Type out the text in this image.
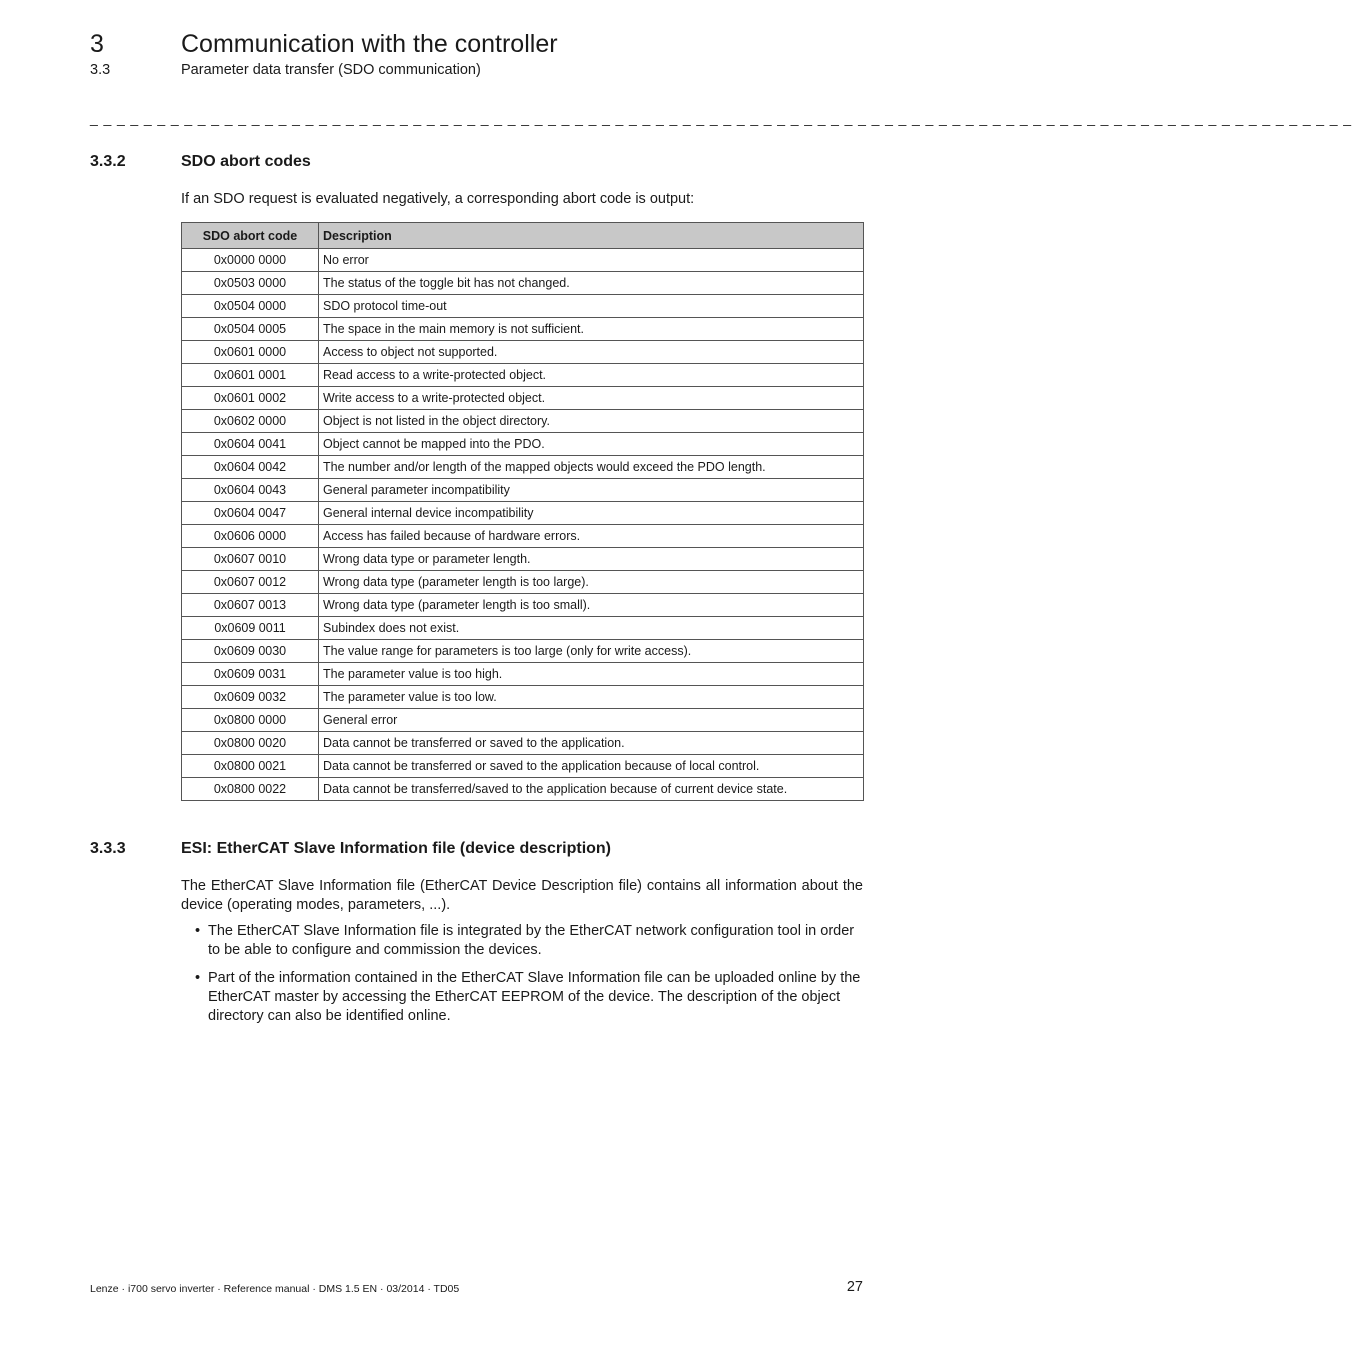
3	Communication with the controller
3.3	Parameter data transfer (SDO communication)
_ _ _ _ _ _ _ _ _ _ _ _ _ _ _ _ _ _ _ _ _ _ _ _ _ _ _ _ _ _ _ _ _ _ _ _ _ _ _ _ _ _ _ _ _ _ _ _ _ _ _ _ _ _ _ _ _ _ _ _ _ _ _ _ _ _ _ _ _ _ _ _ _ _ _ _ _ _ _ _ _ _ _ _ _ _ _ _ _ _ _ _ _ _
3.3.2	SDO abort codes
If an SDO request is evaluated negatively, a corresponding abort code is output:
SDO abort code	Description
0x0000 0000	No error
0x0503 0000	The status of the toggle bit has not changed.
0x0504 0000	SDO protocol time-out
0x0504 0005	The space in the main memory is not sufficient.
0x0601 0000	Access to object not supported.
0x0601 0001	Read access to a write-protected object.
0x0601 0002	Write access to a write-protected object.
0x0602 0000	Object is not listed in the object directory.
0x0604 0041	Object cannot be mapped into the PDO.
0x0604 0042	The number and/or length of the mapped objects would exceed the PDO length.
0x0604 0043	General parameter incompatibility
0x0604 0047	General internal device incompatibility
0x0606 0000	Access has failed because of hardware errors.
0x0607 0010	Wrong data type or parameter length.
0x0607 0012	Wrong data type (parameter length is too large).
0x0607 0013	Wrong data type (parameter length is too small).
0x0609 0011	Subindex does not exist.
0x0609 0030	The value range for parameters is too large (only for write access).
0x0609 0031	The parameter value is too high.
0x0609 0032	The parameter value is too low.
0x0800 0000	General error
0x0800 0020	Data cannot be transferred or saved to the application.
0x0800 0021	Data cannot be transferred or saved to the application because of local control.
0x0800 0022	Data cannot be transferred/saved to the application because of current device state.
3.3.3	ESI: EtherCAT Slave Information file (device description)
The EtherCAT Slave Information file (EtherCAT Device Description file) contains all information about the device (operating modes, parameters, ...).
• The EtherCAT Slave Information file is integrated by the EtherCAT network configuration tool in order to be able to configure and commission the devices.
• Part of the information contained in the EtherCAT Slave Information file can be uploaded online by the EtherCAT master by accessing the EtherCAT EEPROM of the device. The description of the object directory can also be identified online.
Lenze · i700 servo inverter · Reference manual · DMS 1.5 EN · 03/2014 · TD05	27
